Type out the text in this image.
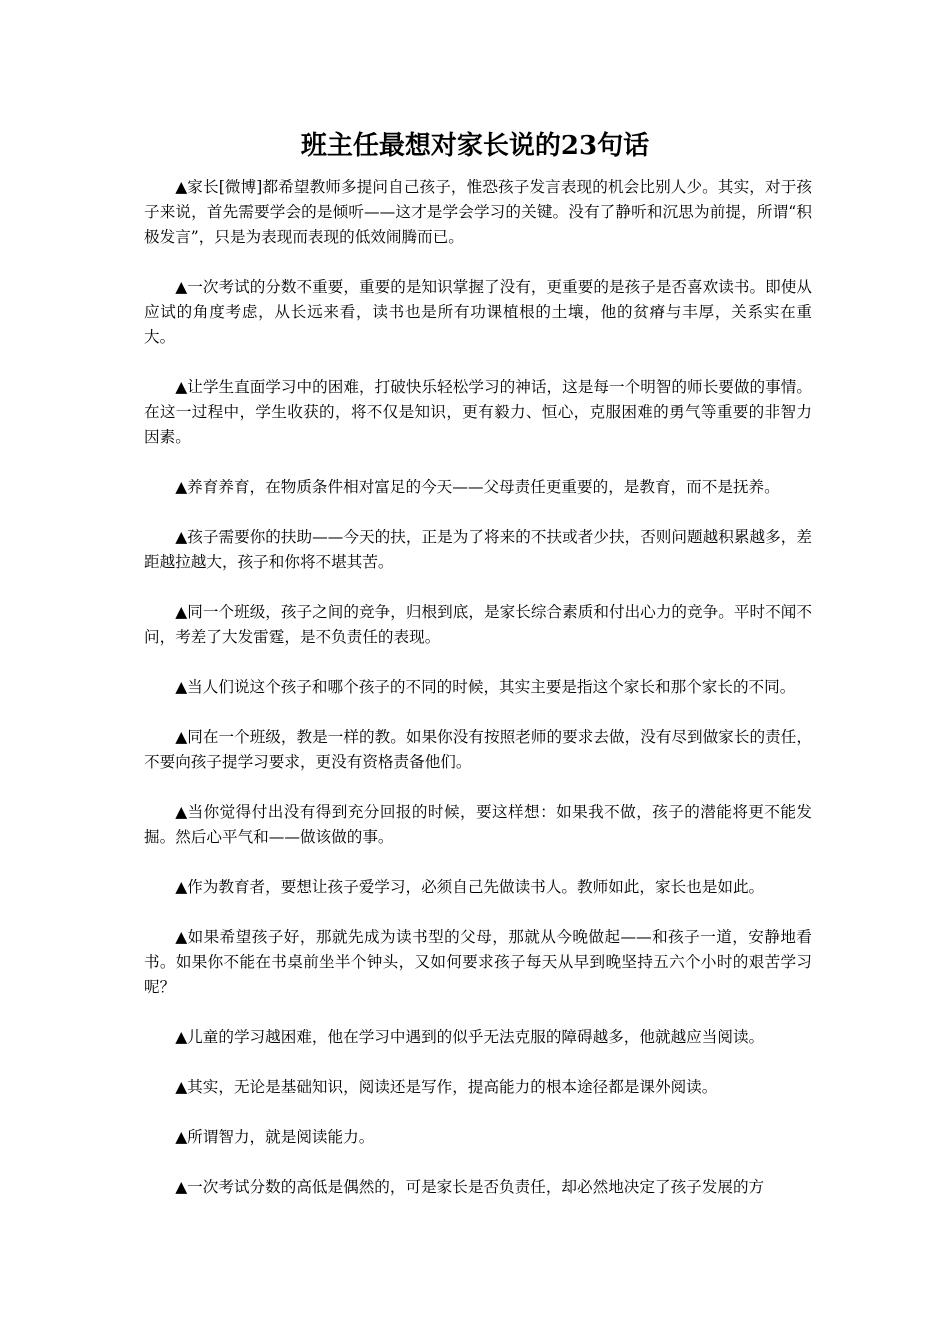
班主任最想对家长说的23句话

▲家长[微博]都希望教师多提问自己孩子，惟恐孩子发言表现的机会比别人少。其实，对于孩子来说，首先需要学会的是倾听——这才是学会学习的关键。没有了静听和沉思为前提，所谓“积极发言”，只是为表现而表现的低效闹腾而已。

▲一次考试的分数不重要，重要的是知识掌握了没有，更重要的是孩子是否喜欢读书。即使从应试的角度考虑，从长远来看，读书也是所有功课植根的土壤，他的贫瘠与丰厚，关系实在重大。

▲让学生直面学习中的困难，打破快乐轻松学习的神话，这是每一个明智的师长要做的事情。在这一过程中，学生收获的，将不仅是知识，更有毅力、恒心，克服困难的勇气等重要的非智力因素。

▲养育养育，在物质条件相对富足的今天——父母责任更重要的，是教育，而不是抚养。

▲孩子需要你的扶助——今天的扶，正是为了将来的不扶或者少扶，否则问题越积累越多，差距越拉越大，孩子和你将不堪其苦。

▲同一个班级，孩子之间的竞争，归根到底，是家长综合素质和付出心力的竞争。平时不闻不问，考差了大发雷霆，是不负责任的表现。

▲当人们说这个孩子和哪个孩子的不同的时候，其实主要是指这个家长和那个家长的不同。

▲同在一个班级，教是一样的教。如果你没有按照老师的要求去做，没有尽到做家长的责任，不要向孩子提学习要求，更没有资格责备他们。

▲当你觉得付出没有得到充分回报的时候，要这样想：如果我不做，孩子的潜能将更不能发掘。然后心平气和——做该做的事。

▲作为教育者，要想让孩子爱学习，必须自己先做读书人。教师如此，家长也是如此。

▲如果希望孩子好，那就先成为读书型的父母，那就从今晚做起——和孩子一道，安静地看书。如果你不能在书桌前坐半个钟头，又如何要求孩子每天从早到晚坚持五六个小时的艰苦学习呢？

▲儿童的学习越困难，他在学习中遇到的似乎无法克服的障碍越多，他就越应当阅读。

▲其实，无论是基础知识，阅读还是写作，提高能力的根本途径都是课外阅读。

▲所谓智力，就是阅读能力。

▲一次考试分数的高低是偶然的，可是家长是否负责任，却必然地决定了孩子发展的方
